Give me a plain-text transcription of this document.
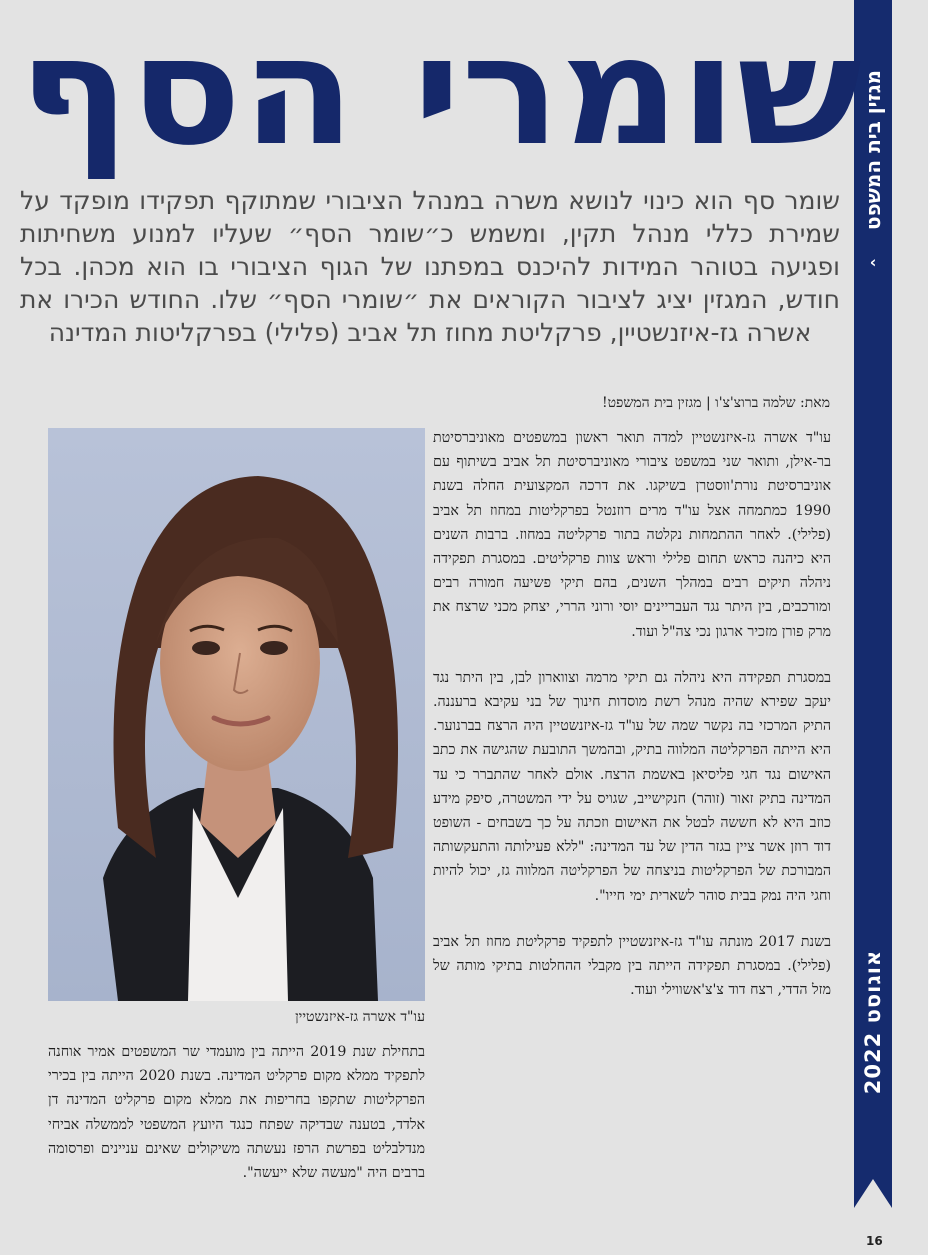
מגזין בית המשפט
‹
אוגוסט 2022
16
שומרי הסף
שומר סף הוא כינוי לנושא משרה במנהל הציבורי שמתוקף תפקידו מופקד על שמירת כללי מנהל תקין, ומשמש כ״שומר הסף״ שעליו למנוע משחיתות ופגיעה בטוהר המידות להיכנס במפתנו של הגוף הציבורי בו הוא מכהן. בכל חודש, המגזין יציג לציבור הקוראים את ״שומרי הסף״ שלו. החודש הכירו את אשרה גז-איזנשטיין, פרקליטת מחוז תל אביב (פלילי) בפרקליטות המדינה
מאת: שלמה ברוצ'צ'ו | מגזין בית המשפט!

עו"ד אשרה גז-איזנשטיין למדה תואר ראשון במשפטים מאוניברסיטת בר-אילן, ותואר שני במשפט ציבורי מאוניברסיטת תל אביב בשיתוף עם אוניברסיטת נורת'ווסטרן בשיקגו. את דרכה המקצועית החלה בשנת 1990 כמתמחה אצל עו"ד מרים רוזנטל בפרקליטות במחוז תל אביב (פלילי). לאחר ההתמחות נקלטה בתור פרקליטה במחוז. ברבות השנים היא כיהנה כראש תחום פלילי וראש צוות פרקליטים. במסגרת תפקידה ניהלה תיקים רבים במהלך השנים, בהם תיקי פשיעה חמורה רבים ומורכבים, בין היתר נגד העבריינים יוסי ורוני הררי, יצחק מכני שרצח את מרק פורן מזכיר ארגון נכי צה"ל ועוד.

במסגרת תפקידה היא ניהלה גם תיקי מרמה וצווארון לבן, בין היתר נגד יעקב שפירא שהיה מנהל רשת מוסדות חינוך של בני עקיבא ברעננה. התיק המרכזי בה נקשר שמה של עו"ד גז-איזנשטיין היה הרצח בברנוער. היא הייתה הפרקליטה המלווה בתיק, ובהמשך התובעת שהגישה את כתב האישום נגד חגי פליסיאן באשמת הרצח. אולם לאחר שהתברר כי עד המדינה בתיק זאור (זוהר) חנקישייב, שגויס על ידי המשטרה, סיפק מידע כוזב היא לא חששה לבטל את האישום וזכתה על כך בשבחים - השופט דוד רוזן אשר ציין בגזר הדין של עד המדינה: "ללא פעילותה והתעקשותה המבורכת של הפרקליטות בניצחה של הפרקליטה המלווה גז, יכול להיות וחגי היה נמק בבית סוהר לשארית ימי חייו".

בשנת 2017 מונתה עו"ד גז-איזנשטיין לתפקיד פרקליטת מחוז תל אביב (פלילי). במסגרת תפקידה הייתה בין מקבלי ההחלטות בתיקי מותה של מזל הדדי, רצח דוד צ'צ'אשווילי ועוד.

עו"ד אשרה גז-איזנשטיין

בתחילת שנת 2019 הייתה בין מועמדי שר המשפטים אמיר אוחנה לתפקיד ממלא מקום פרקליט המדינה. בשנת 2020 הייתה בין בכירי הפרקליטות שתקפו בחריפות את ממלא מקום פרקליט המדינה דן אלדד, בטענה שבדיקה שפתח כנגד היועץ המשפטי לממשלה אביחי מנדלבליט בפרשת הרפז נעשתה משיקולים שאינם עניינים ופרסומה ברבים היה "מעשה שלא ייעשה".
